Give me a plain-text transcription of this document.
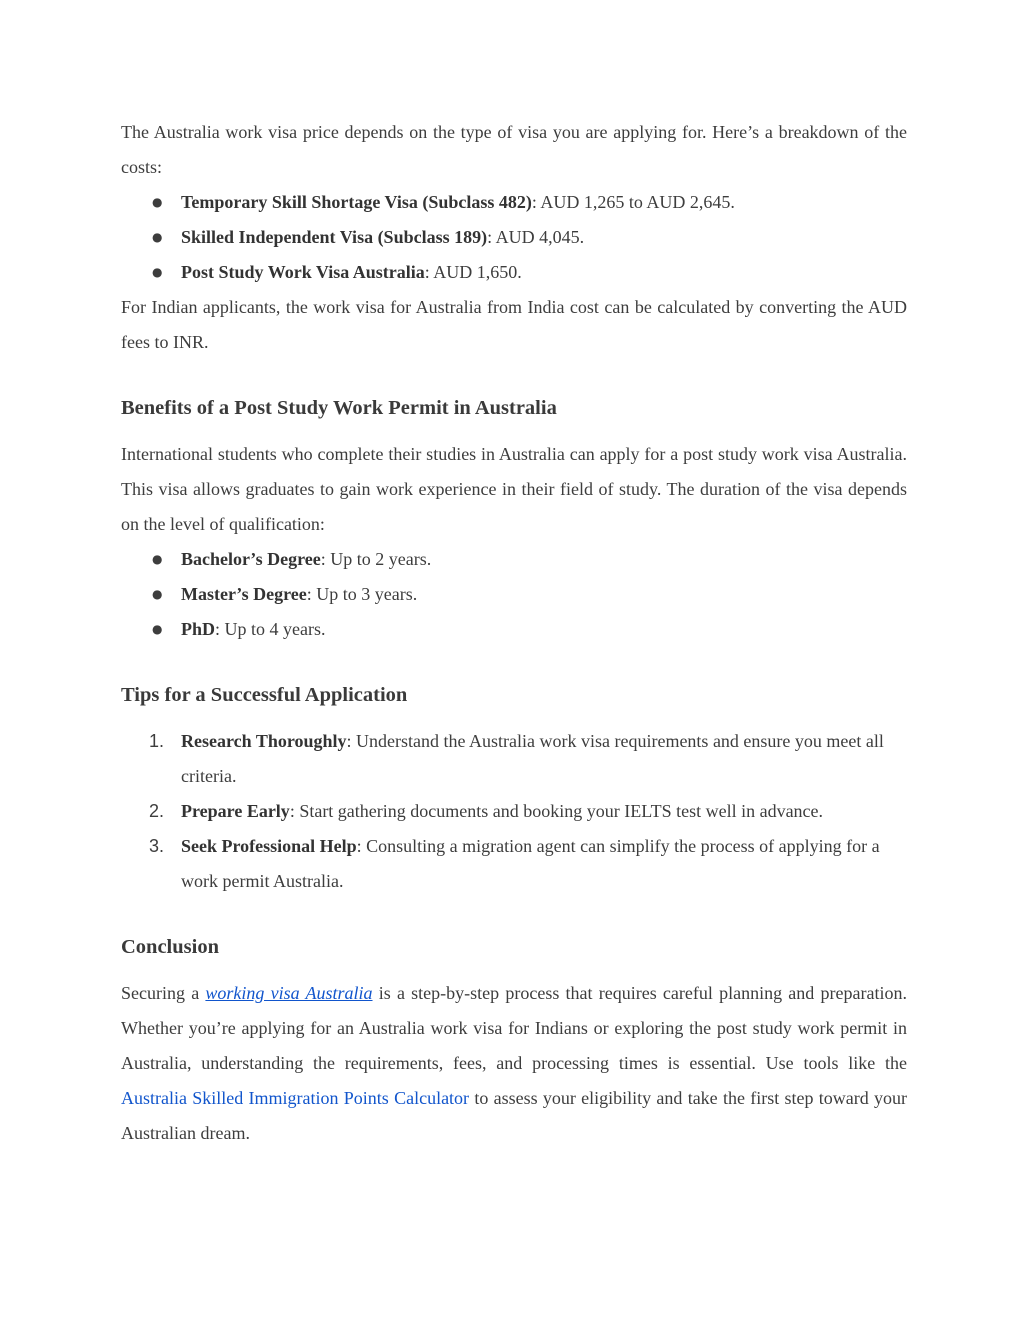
The Australia work visa price depends on the type of visa you are applying for. Here’s a breakdown of the costs:

● Temporary Skill Shortage Visa (Subclass 482): AUD 1,265 to AUD 2,645.
● Skilled Independent Visa (Subclass 189): AUD 4,045.
● Post Study Work Visa Australia: AUD 1,650.

For Indian applicants, the work visa for Australia from India cost can be calculated by converting the AUD fees to INR.

Benefits of a Post Study Work Permit in Australia

International students who complete their studies in Australia can apply for a post study work visa Australia. This visa allows graduates to gain work experience in their field of study. The duration of the visa depends on the level of qualification:

● Bachelor’s Degree: Up to 2 years.
● Master’s Degree: Up to 3 years.
● PhD: Up to 4 years.
Tips for a Successful Application
1. Research Thoroughly: Understand the Australia work visa requirements and ensure you meet all criteria.
2. Prepare Early: Start gathering documents and booking your IELTS test well in advance.
3. Seek Professional Help: Consulting a migration agent can simplify the process of applying for a work permit Australia.
Conclusion

Securing a working visa Australia is a step-by-step process that requires careful planning and preparation. Whether you’re applying for an Australia work visa for Indians or exploring the post study work permit in Australia, understanding the requirements, fees, and processing times is essential. Use tools like the Australia Skilled Immigration Points Calculator to assess your eligibility and take the first step toward your Australian dream.
